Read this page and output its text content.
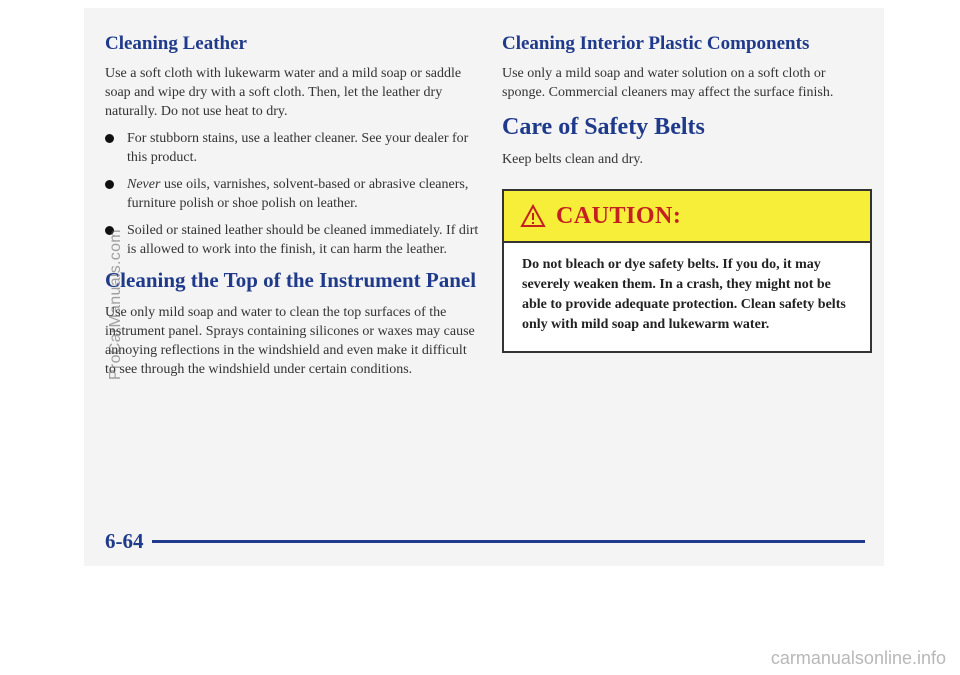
Cleaning Leather

Use a soft cloth with lukewarm water and a mild soap or saddle soap and wipe dry with a soft cloth. Then, let the leather dry naturally. Do not use heat to dry.

For stubborn stains, use a leather cleaner. See your dealer for this product.
Never use oils, varnishes, solvent-based or abrasive cleaners, furniture polish or shoe polish on leather.
Soiled or stained leather should be cleaned immediately. If dirt is allowed to work into the finish, it can harm the leather.
Cleaning the Top of the Instrument Panel

Use only mild soap and water to clean the top surfaces of the instrument panel. Sprays containing silicones or waxes may cause annoying reflections in the windshield and even make it difficult to see through the windshield under certain conditions.

Cleaning Interior Plastic Components

Use only a mild soap and water solution on a soft cloth or sponge. Commercial cleaners may affect the surface finish.

Care of Safety Belts

Keep belts clean and dry.

CAUTION:
Do not bleach or dye safety belts. If you do, it may severely weaken them. In a crash, they might not be able to provide adequate protection. Clean safety belts only with mild soap and lukewarm water.
6-64
ProCarManuals.com
carmanualsonline.info
